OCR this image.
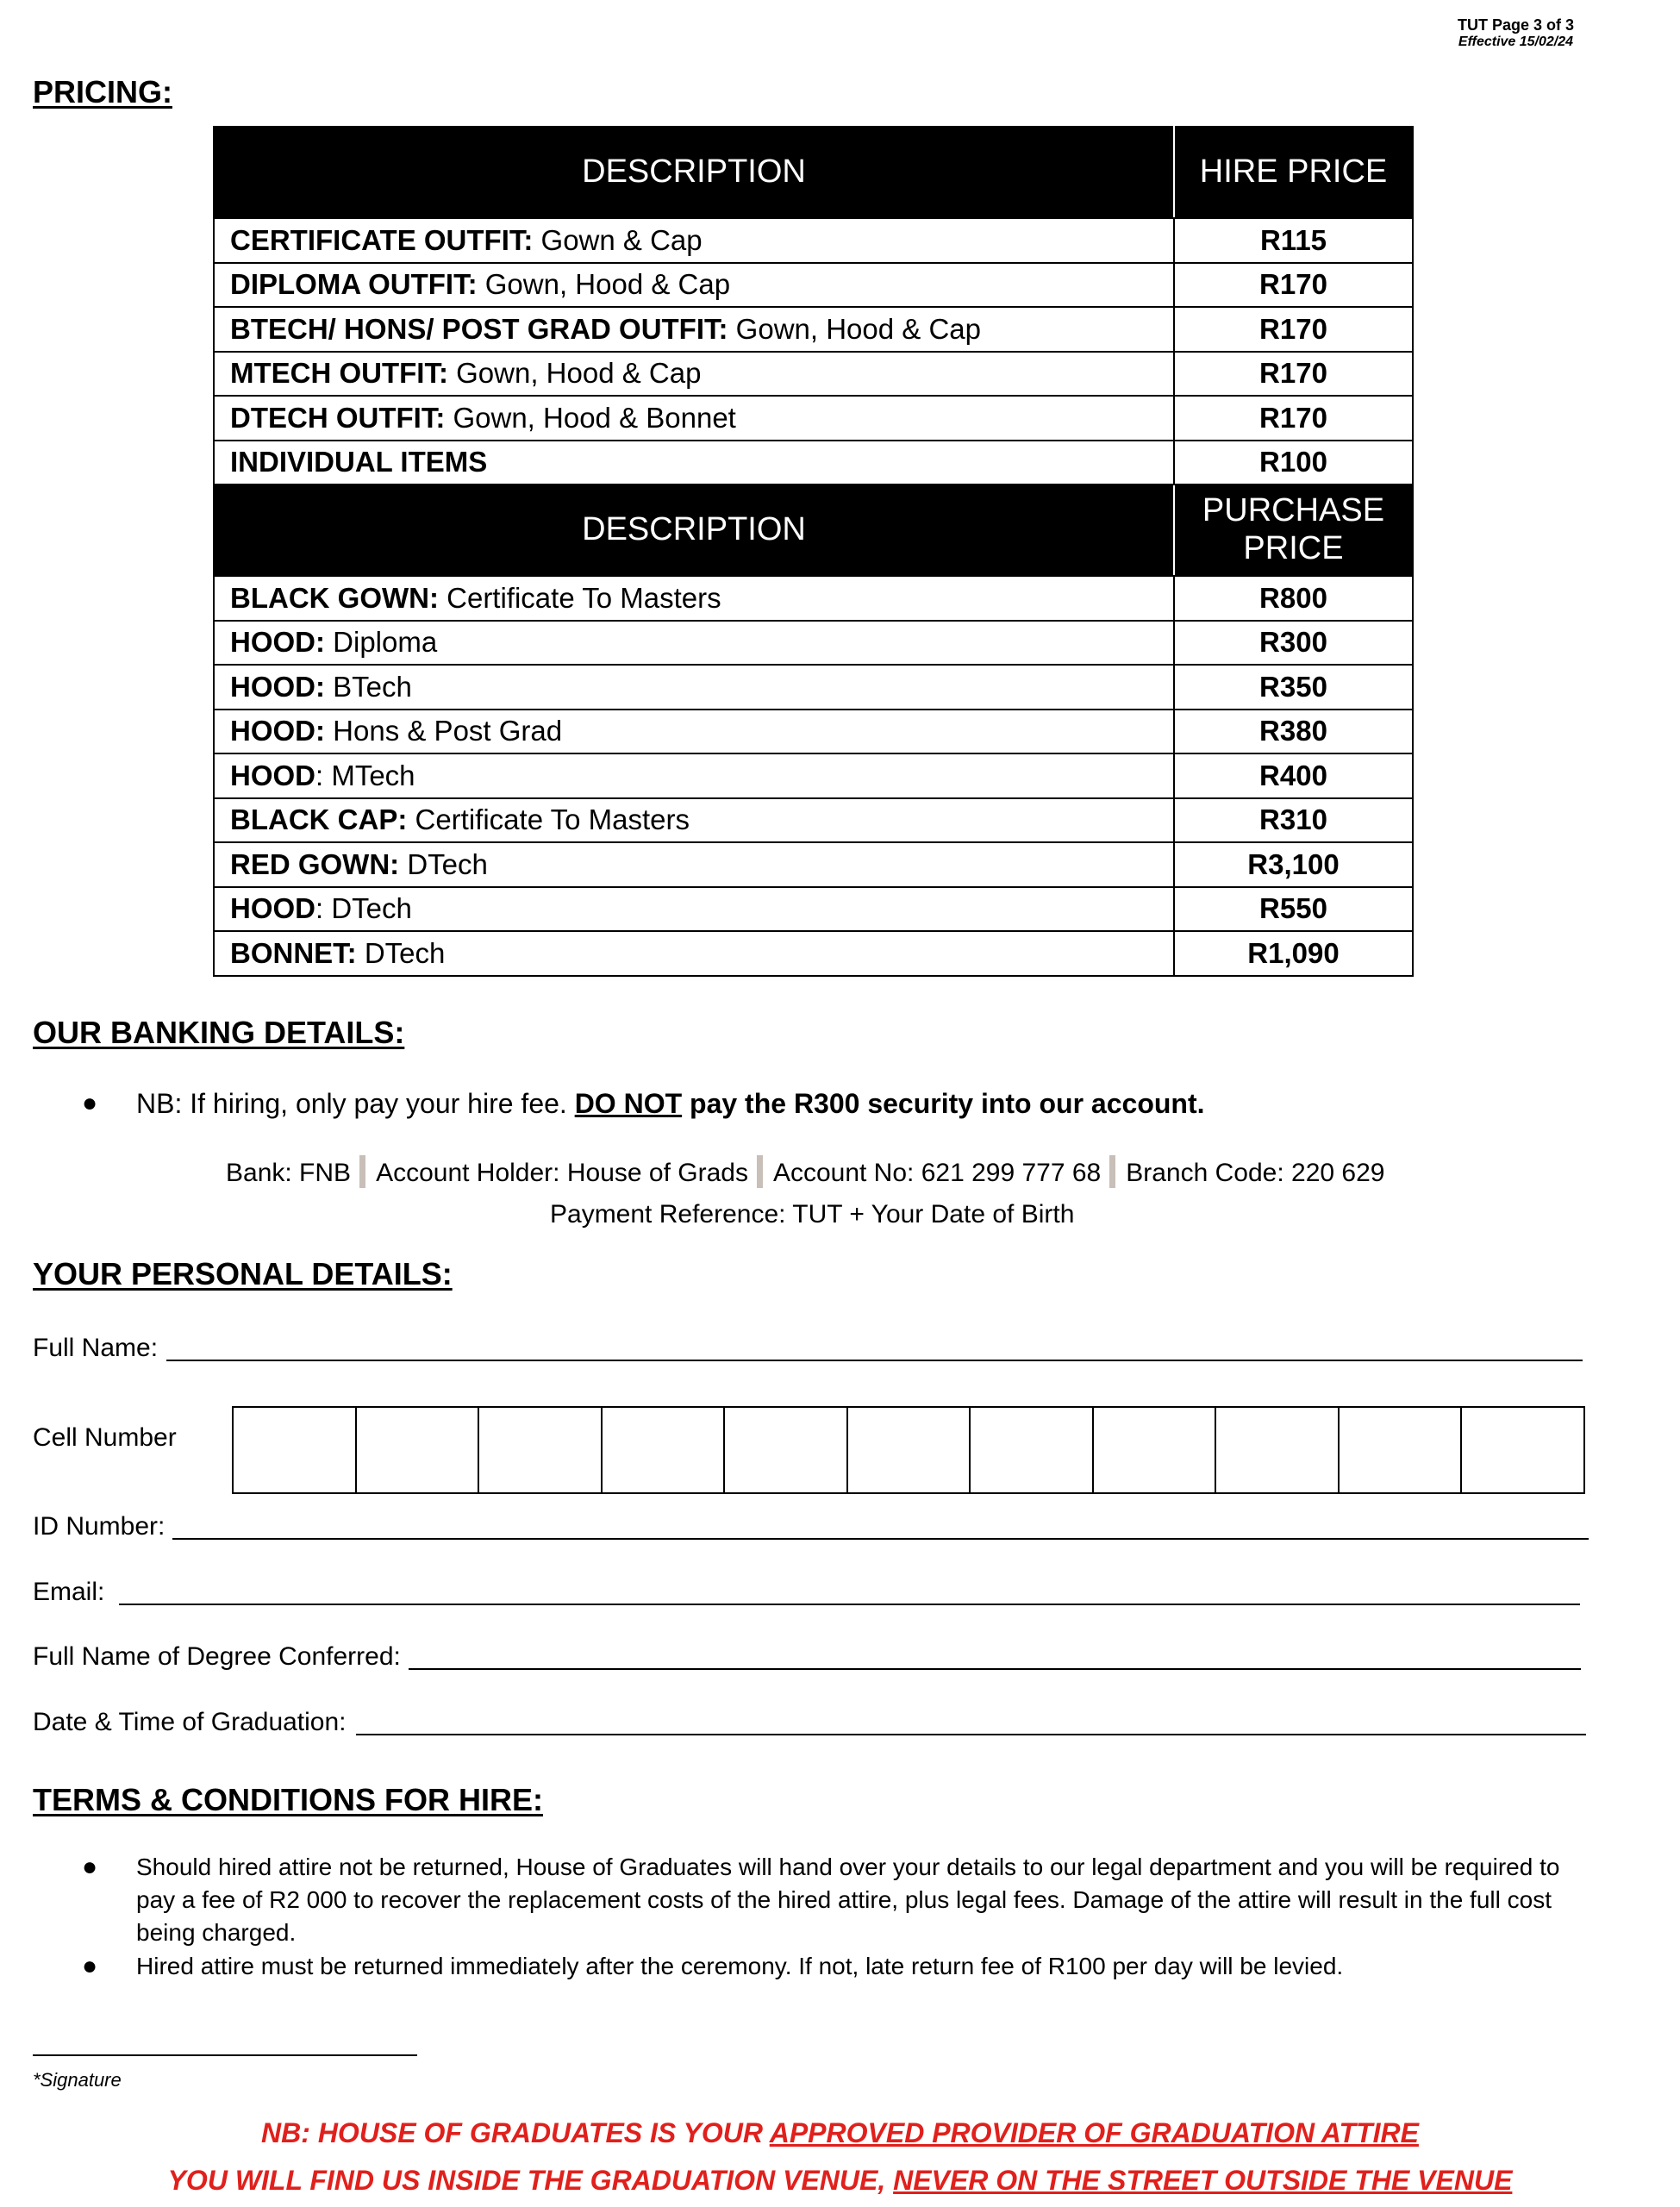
TUT Page 3 of 3
Effective 15/02/24
PRICING:
DESCRIPTION	HIRE PRICE
CERTIFICATE OUTFIT: Gown & Cap	R115
DIPLOMA OUTFIT: Gown, Hood & Cap	R170
BTECH/ HONS/ POST GRAD OUTFIT: Gown, Hood & Cap	R170
MTECH OUTFIT: Gown, Hood & Cap	R170
DTECH OUTFIT: Gown, Hood & Bonnet	R170
INDIVIDUAL ITEMS	R100
DESCRIPTION	PURCHASE
PRICE
BLACK GOWN: Certificate To Masters	R800
HOOD: Diploma	R300
HOOD: BTech	R350
HOOD: Hons & Post Grad	R380
HOOD: MTech	R400
BLACK CAP: Certificate To Masters	R310
RED GOWN: DTech	R3,100
HOOD: DTech	R550
BONNET: DTech	R1,090
OUR BANKING DETAILS:
● NB: If hiring, only pay your hire fee. DO NOT pay the R300 security into our account.
Bank: FNB Account Holder: House of Grads Account No: 621 299 777 68 Branch Code: 220 629
Payment Reference: TUT + Your Date of Birth
YOUR PERSONAL DETAILS:
Full Name:
Cell Number
ID Number:
Email:
Full Name of Degree Conferred:
Date & Time of Graduation:
TERMS & CONDITIONS FOR HIRE:
● Should hired attire not be returned, House of Graduates will hand over your details to our legal department and you will be required to pay a fee of R2 000 to recover the replacement costs of the hired attire, plus legal fees. Damage of the attire will result in the full cost being charged.
● Hired attire must be returned immediately after the ceremony. If not, late return fee of R100 per day will be levied.
*Signature
NB: HOUSE OF GRADUATES IS YOUR APPROVED PROVIDER OF GRADUATION ATTIRE
YOU WILL FIND US INSIDE THE GRADUATION VENUE, NEVER ON THE STREET OUTSIDE THE VENUE
